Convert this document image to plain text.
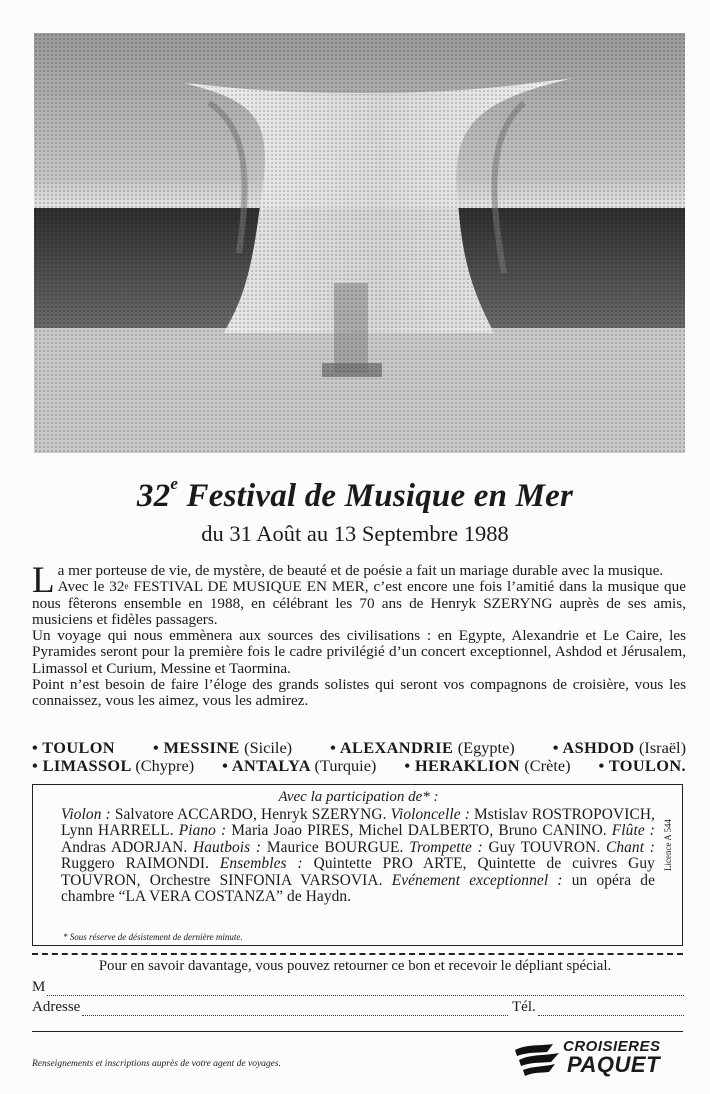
32e Festival de Musique en Mer
du 31 Août au 13 Septembre 1988

La mer porteuse de vie, de mystère, de beauté et de poésie a fait un mariage durable avec la musique.

Avec le 32e FESTIVAL DE MUSIQUE EN MER, c’est encore une fois l’amitié dans la musique que nous fêterons ensemble en 1988, en célébrant les 70 ans de Henryk SZERYNG auprès de ses amis, musiciens et fidèles passagers.

Un voyage qui nous emmènera aux sources des civilisations : en Egypte, Alexandrie et Le Caire, les Pyramides seront pour la première fois le cadre privilégié d’un concert exceptionnel, Ashdod et Jérusalem, Limassol et Curium, Messine et Taormina.

Point n’est besoin de faire l’éloge des grands solistes qui seront vos compagnons de croisière, vous les connaissez, vous les aimez, vous les admirez.

• TOULON • MESSINE (Sicile) • ALEXANDRIE (Egypte) • ASHDOD (Israël)
• LIMASSOL (Chypre) • ANTALYA (Turquie) • HERAKLION (Crète) • TOULON.
Avec la participation de* :
Violon : Salvatore ACCARDO, Henryk SZERYNG. Violoncelle : Mstislav ROSTROPOVICH, Lynn HARRELL. Piano : Maria Joao PIRES, Michel DALBERTO, Bruno CANINO. Flûte : Andras ADORJAN. Hautbois : Maurice BOURGUE. Trompette : Guy TOUVRON. Chant : Ruggero RAIMONDI. Ensembles : Quintette PRO ARTE, Quintette de cuivres Guy TOUVRON, Orchestre SINFONIA VARSOVIA. Evénement exceptionnel : un opéra de chambre “LA VERA COSTANZA” de Haydn.
* Sous réserve de désistement de dernière minute.
Licence A 544
Pour en savoir davantage, vous pouvez retourner ce bon et recevoir le dépliant spécial.
M
Adresse	Tél.
Renseignements et inscriptions auprès de votre agent de voyages.
CROISIERES
PAQUET
